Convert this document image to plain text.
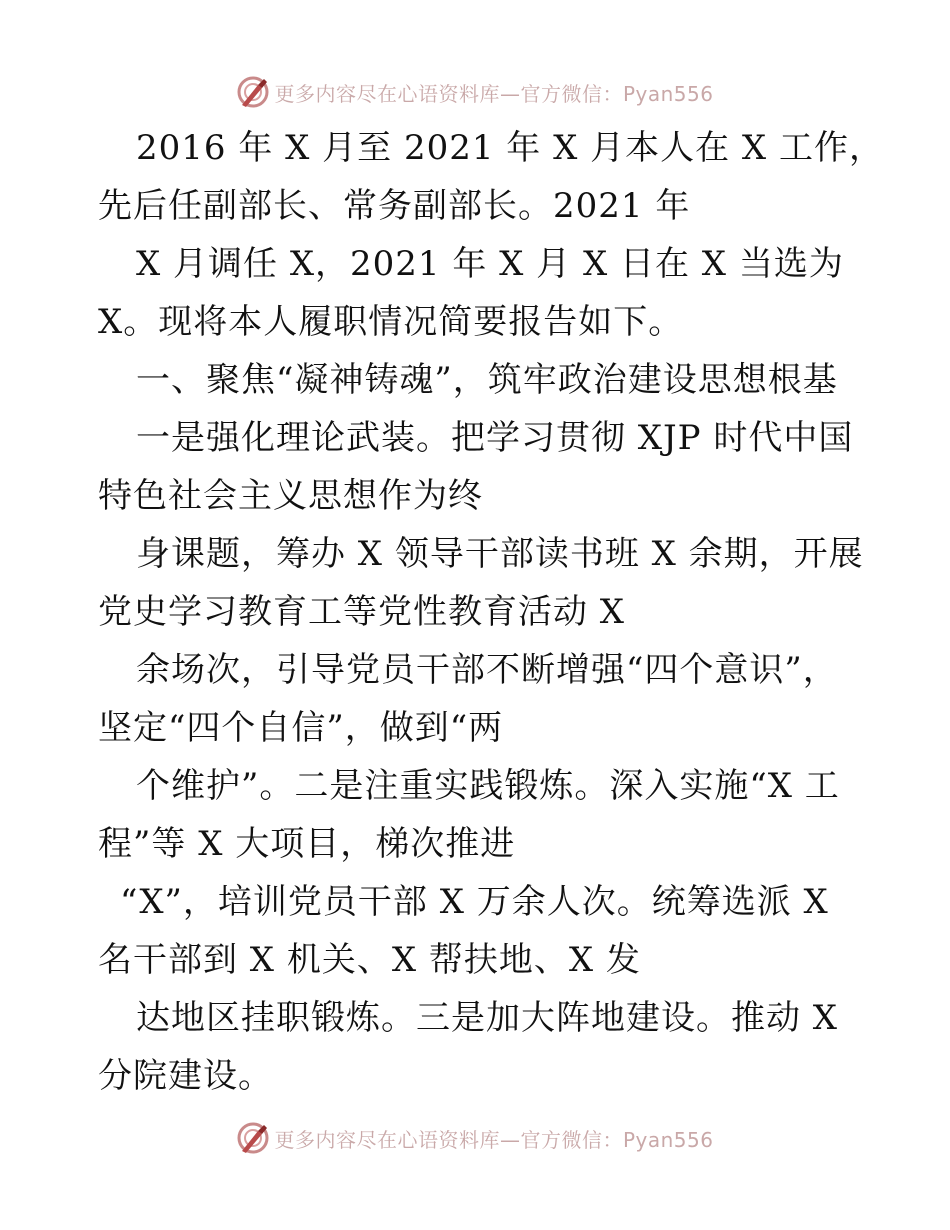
更多内容尽在心语资料库—官方微信：Pyan556
2016 年 X 月至 2021 年 X 月本人在 X 工作，
先后任副部长、常务副部长。2021 年
X 月调任 X，2021 年 X 月 X 日在 X 当选为
X。现将本人履职情况简要报告如下。
一、聚焦“凝神铸魂”，筑牢政治建设思想根基
一是强化理论武装。把学习贯彻 XJP 时代中国
特色社会主义思想作为终
身课题，筹办 X 领导干部读书班 X 余期，开展
党史学习教育工等党性教育活动 X
余场次，引导党员干部不断增强“四个意识”，
坚定“四个自信”，做到“两
个维护”。二是注重实践锻炼。深入实施“X 工
程”等 X 大项目，梯次推进
“X”，培训党员干部 X 万余人次。统筹选派 X
名干部到 X 机关、X 帮扶地、X 发
达地区挂职锻炼。三是加大阵地建设。推动 X
分院建设。
更多内容尽在心语资料库—官方微信：Pyan556
